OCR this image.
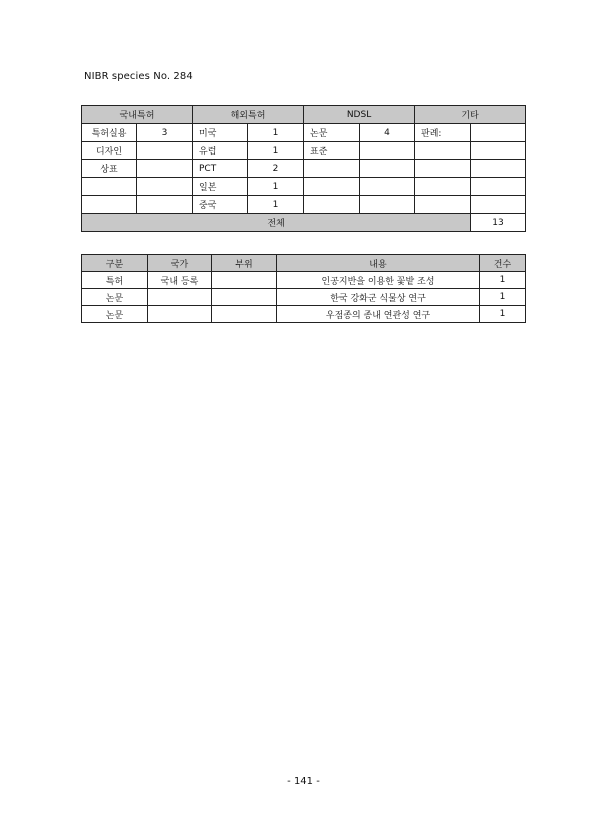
NIBR species No. 284
국내특허		해외특허		NDSL		기타	
특허실용	3	미국	1	논문	4	판례:	
디자인		유럽	1	표준			
상표		PCT	2				
		일본	1				
		중국	1				
전체							13
구분	국가	부위	내용	건수
특허	국내 등록		인공지반을 이용한 꽃밭 조성	1
논문			한국 강화군 식물상 연구	1
논문			우점종의 종내 연관성 연구	1
- 141 -
